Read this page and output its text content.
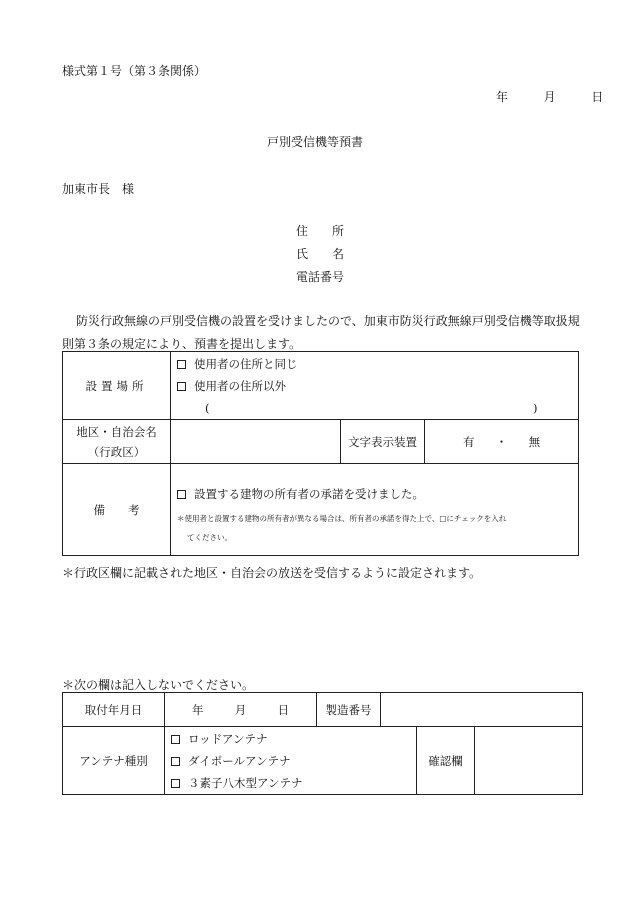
様式第１号（第３条関係）
年	月	日
戸別受信機等預書
加東市長　様
住　　所
氏　　名
電話番号
防災行政無線の戸別受信機の設置を受けましたので、加東市防災行政無線戸別受信機等取扱規
則第３条の規定により、預書を提出します。
設置場所	使用者の住所と同じ
使用者の住所以外
( )		

地区・自治会名
（行政区）		文字表示装置	有 ・ 無
備　　考	設置する建物の所有者の承諾を受けました。
＊使用者と設置する建物の所有者が異なる場合は、所有者の承諾を得た上で、□にチェックを入れ
てください。		
＊行政区欄に記載された地区・自治会の放送を受信するように設定されます。
＊次の欄は記入しないでください。
取付年月日	年 月 日	製造番号			
アンテナ種別	ロッドアンテナ
ダイポールアンテナ
３素子八木型アンテナ			確認欄	
